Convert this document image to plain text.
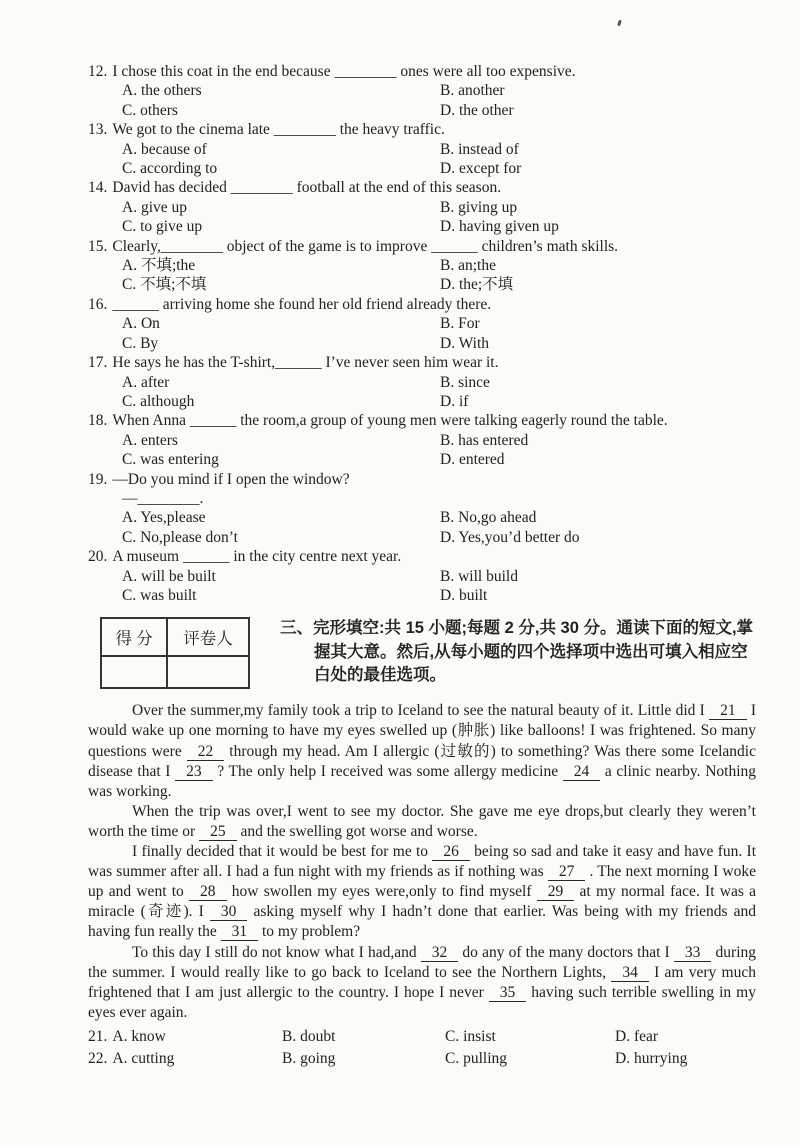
12. I chose this coat in the end because ________ ones were all too expensive.
A. the others	B. another
C. others	D. the other
13. We got to the cinema late ________ the heavy traffic.
A. because of	B. instead of
C. according to	D. except for
14. David has decided ________ football at the end of this season.
A. give up	B. giving up
C. to give up	D. having given up
15. Clearly,________ object of the game is to improve ______ children’s math skills.
A. 不填;the	B. an;the
C. 不填;不填	D. the;不填
16. ______ arriving home she found her old friend already there.
A. On	B. For
C. By	D. With
17. He says he has the T-shirt,______ I’ve never seen him wear it.
A. after	B. since
C. although	D. if
18. When Anna ______ the room,a group of young men were talking eagerly round the table.
A. enters	B. has entered
C. was entering	D. entered
19. —Do you mind if I open the window?
—________.
A. Yes,please	B. No,go ahead
C. No,please don’t	D. Yes,you’d better do
20. A museum ______ in the city centre next year.
A. will be built	B. will build
C. was built	D. built
得 分	评卷人

三、完形填空:共 15 小题;每题 2 分,共 30 分。通读下面的短文,掌握其大意。然后,从每小题的四个选择项中选出可填入相应空白处的最佳选项。

Over the summer,my family took a trip to Iceland to see the natural beauty of it. Little did I 21 I would wake up one morning to have my eyes swelled up (肿胀) like balloons! I was frightened. So many questions were 22 through my head. Am I allergic (过敏的) to something? Was there some Icelandic disease that I 23 ? The only help I received was some allergy medicine 24 a clinic nearby. Nothing was working.

When the trip was over,I went to see my doctor. She gave me eye drops,but clearly they weren’t worth the time or 25 and the swelling got worse and worse.

I finally decided that it would be best for me to 26 being so sad and take it easy and have fun. It was summer after all. I had a fun night with my friends as if nothing was 27 . The next morning I woke up and went to 28 how swollen my eyes were,only to find myself 29 at my normal face. It was a miracle (奇迹). I 30 asking myself why I hadn’t done that earlier. Was being with my friends and having fun really the 31 to my problem?

To this day I still do not know what I had,and 32 do any of the many doctors that I 33 during the summer. I would really like to go back to Iceland to see the Northern Lights, 34 I am very much frightened that I am just allergic to the country. I hope I never 35 having such terrible swelling in my eyes ever again.

21. A. know	B. doubt	C. insist	D. fear
22. A. cutting	B. going	C. pulling	D. hurrying
